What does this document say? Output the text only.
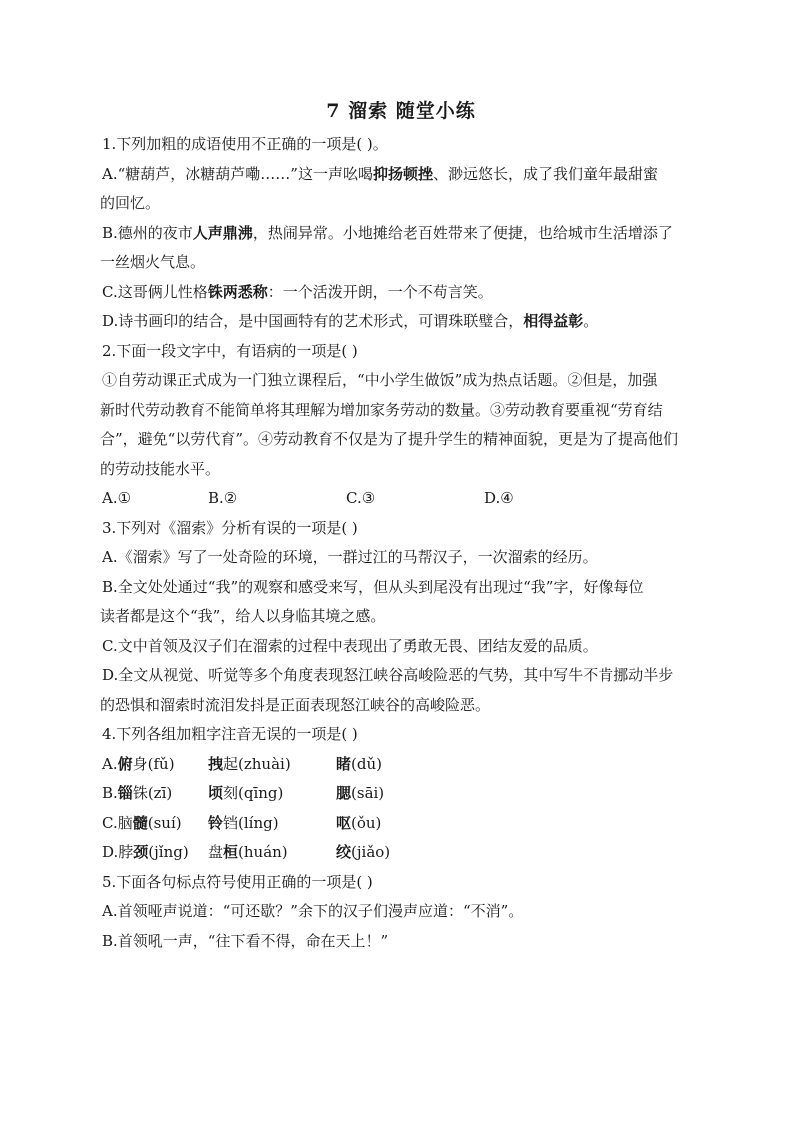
7 溜索 随堂小练

1.下列加粗的成语使用不正确的一项是( )。

A.“糖葫芦，冰糖葫芦嘞……”这一声吆喝抑扬顿挫、渺远悠长，成了我们童年最甜蜜

的回忆。

B.德州的夜市人声鼎沸，热闹异常。小地摊给老百姓带来了便捷，也给城市生活增添了

一丝烟火气息。

C.这哥俩儿性格铢两悉称：一个活泼开朗，一个不苟言笑。

D.诗书画印的结合，是中国画特有的艺术形式，可谓珠联璧合，相得益彰。

2.下面一段文字中，有语病的一项是( )

①自劳动课正式成为一门独立课程后，“中小学生做饭”成为热点话题。②但是，加强

新时代劳动教育不能简单将其理解为增加家务劳动的数量。③劳动教育要重视“劳育结

合”，避免“以劳代育”。④劳动教育不仅是为了提升学生的精神面貌，更是为了提高他们

的劳动技能水平。

A.①	B.②	C.③	D.④

3.下列对《溜索》分析有误的一项是( )

A.《溜索》写了一处奇险的环境，一群过江的马帮汉子，一次溜索的经历。

B.全文处处通过“我”的观察和感受来写，但从头到尾没有出现过“我”字，好像每位

读者都是这个“我”，给人以身临其境之感。

C.文中首领及汉子们在溜索的过程中表现出了勇敢无畏、团结友爱的品质。

D.全文从视觉、听觉等多个角度表现怒江峡谷高峻险恶的气势，其中写牛不肯挪动半步

的恐惧和溜索时流泪发抖是正面表现怒江峡谷的高峻险恶。

4.下列各组加粗字注音无误的一项是( )

A.俯身(fǔ)	拽起(zhuài)	睹(dǔ)
B.锱铢(zī)	顷刻(qīng)	腮(sāi)
C.脑髓(suí)	铃铛(líng)	呕(ǒu)
D.脖颈(jǐng)	盘桓(huán)	绞(jiǎo)

5.下面各句标点符号使用正确的一项是( )

A.首领哑声说道：“可还歇？”余下的汉子们漫声应道：“不消”。

B.首领吼一声，“往下看不得，命在天上！”
